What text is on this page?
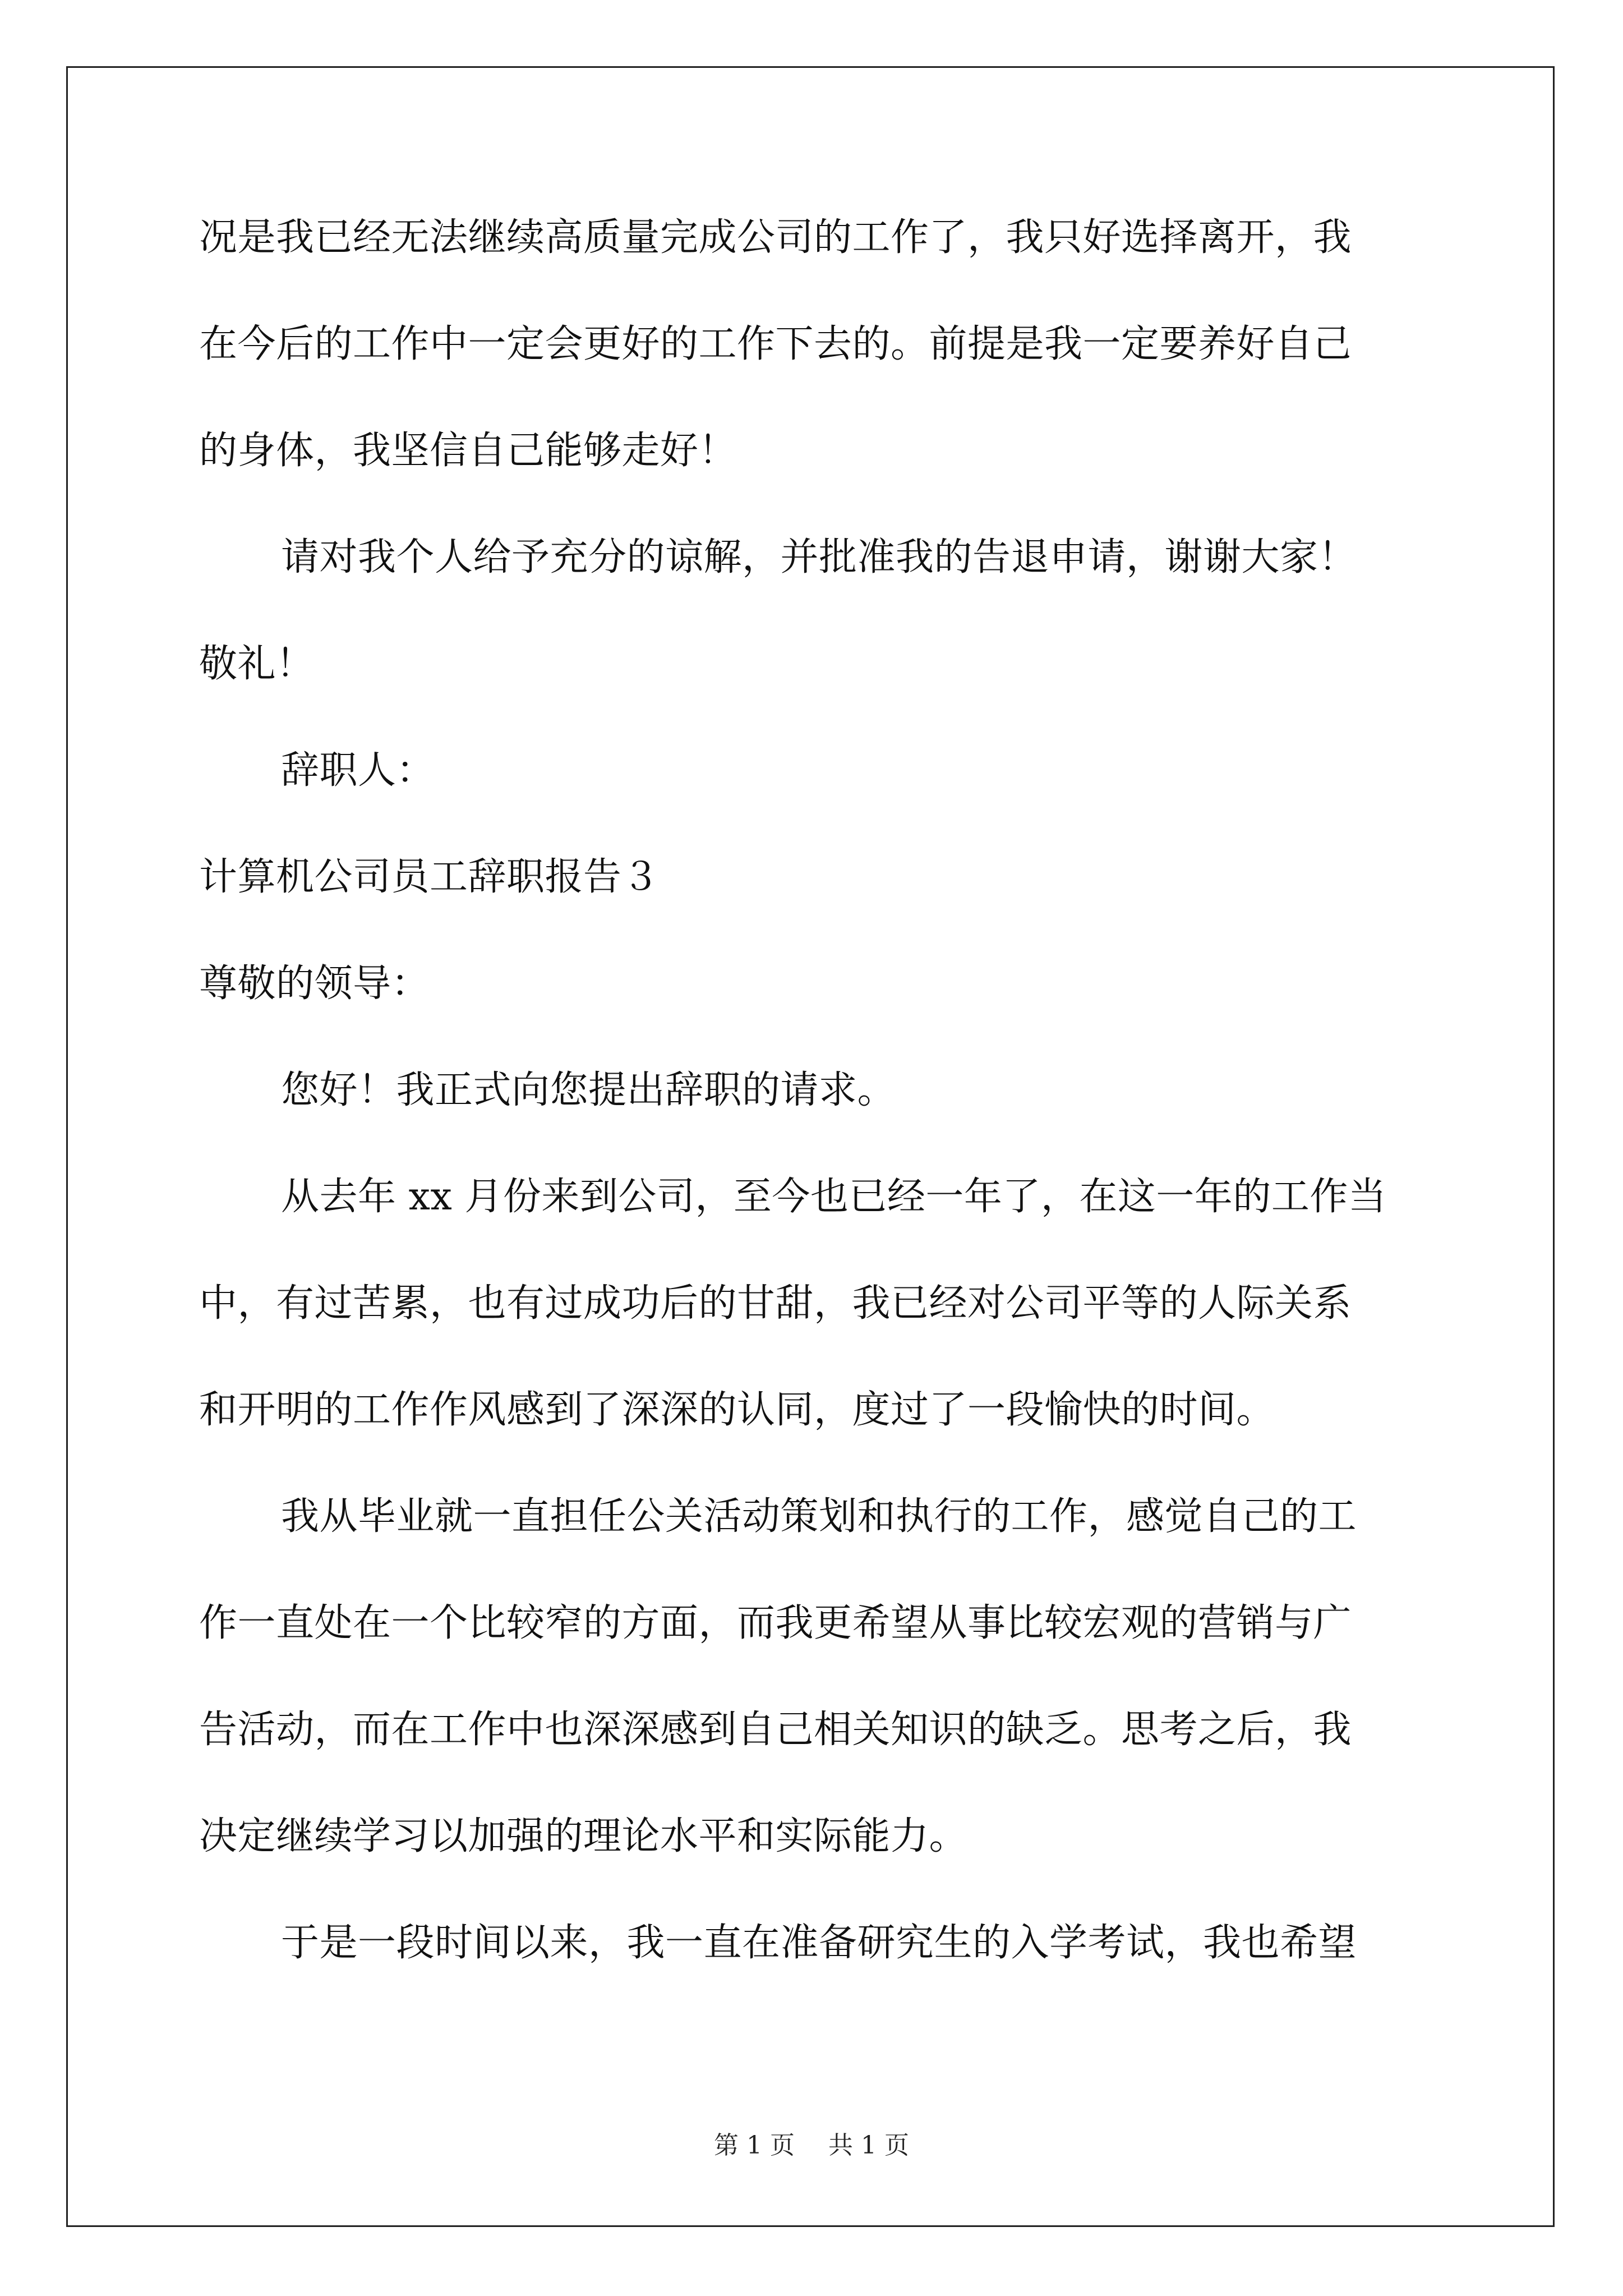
况是我已经无法继续高质量完成公司的工作了，我只好选择离开，我
在今后的工作中一定会更好的工作下去的。前提是我一定要养好自己
的身体，我坚信自己能够走好！
请对我个人给予充分的谅解，并批准我的告退申请，谢谢大家！
敬礼！
辞职人：
计算机公司员工辞职报告３
尊敬的领导：
您好！我正式向您提出辞职的请求。
从去年 xx 月份来到公司，至今也已经一年了，在这一年的工作当
中，有过苦累，也有过成功后的甘甜，我已经对公司平等的人际关系
和开明的工作作风感到了深深的认同，度过了一段愉快的时间。
我从毕业就一直担任公关活动策划和执行的工作，感觉自己的工
作一直处在一个比较窄的方面，而我更希望从事比较宏观的营销与广
告活动，而在工作中也深深感到自己相关知识的缺乏。思考之后，我
决定继续学习以加强的理论水平和实际能力。
于是一段时间以来，我一直在准备研究生的入学考试，我也希望
第 1 页 共 1 页
